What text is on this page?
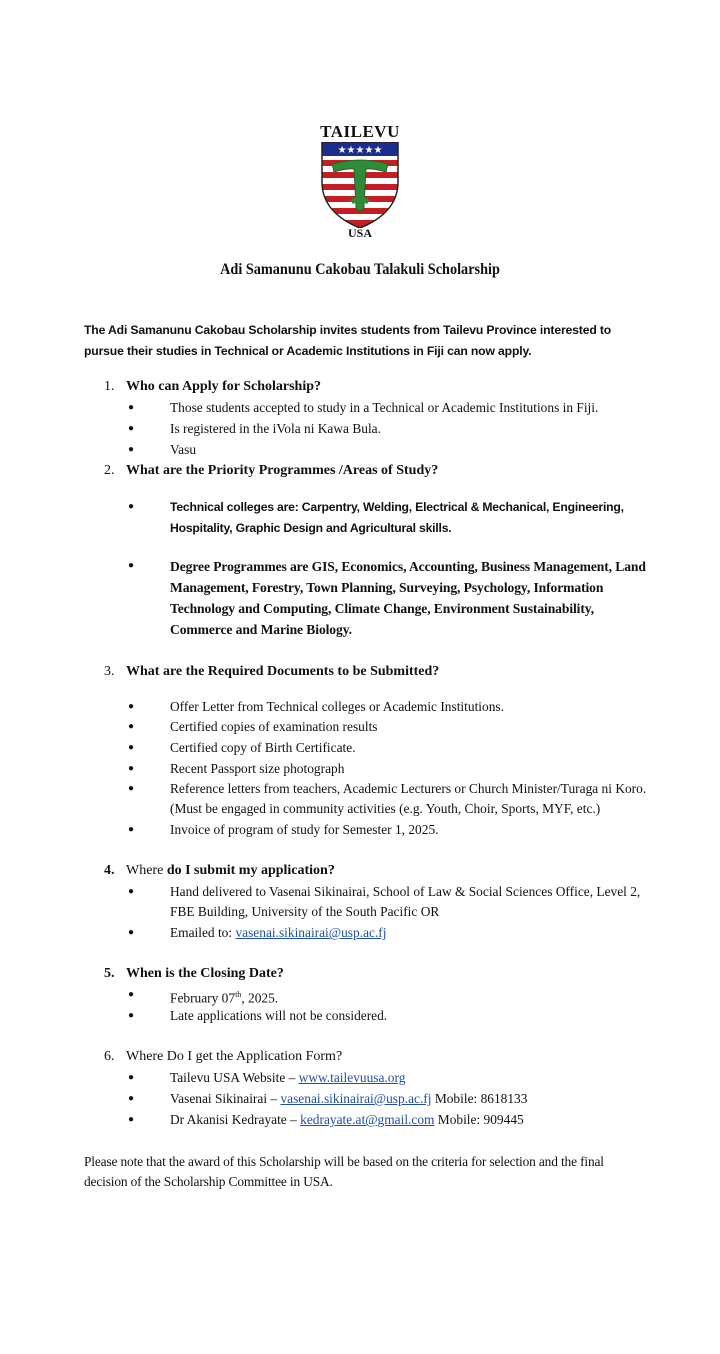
TAILEVU
★★★★★
USA
Adi Samanunu Cakobau Talakuli Scholarship
The Adi Samanunu Cakobau Scholarship invites students from Tailevu Province interested to pursue their studies in Technical or Academic Institutions in Fiji can now apply.
1. Who can Apply for Scholarship?
●	Those students accepted to study in a Technical or Academic Institutions in Fiji.
●	Is registered in the iVola ni Kawa Bula.
●	Vasu
2. What are the Priority Programmes /Areas of Study?
●	Technical colleges are: Carpentry, Welding, Electrical & Mechanical, Engineering, Hospitality, Graphic Design and Agricultural skills.
●	Degree Programmes are GIS, Economics, Accounting, Business Management, Land Management, Forestry, Town Planning, Surveying, Psychology, Information Technology and Computing, Climate Change, Environment Sustainability, Commerce and Marine Biology.
3. What are the Required Documents to be Submitted?
●	Offer Letter from Technical colleges or Academic Institutions.
●	Certified copies of examination results
●	Certified copy of Birth Certificate.
●	Recent Passport size photograph
●	Reference letters from teachers, Academic Lecturers or Church Minister/Turaga ni Koro. (Must be engaged in community activities (e.g. Youth, Choir, Sports, MYF, etc.)
●	Invoice of program of study for Semester 1, 2025.
4. Where do I submit my application?
●	Hand delivered to Vasenai Sikinairai, School of Law & Social Sciences Office, Level 2, FBE Building, University of the South Pacific OR
●	Emailed to: vasenai.sikinairai@usp.ac.fj
5. When is the Closing Date?
●	February 07th, 2025.
●	Late applications will not be considered.
6. Where Do I get the Application Form?
●	Tailevu USA Website – www.tailevuusa.org
●	Vasenai Sikinairai – vasenai.sikinairai@usp.ac.fj Mobile: 8618133
●	Dr Akanisi Kedrayate – kedrayate.at@gmail.com Mobile: 909445
Please note that the award of this Scholarship will be based on the criteria for selection and the final decision of the Scholarship Committee in USA.
